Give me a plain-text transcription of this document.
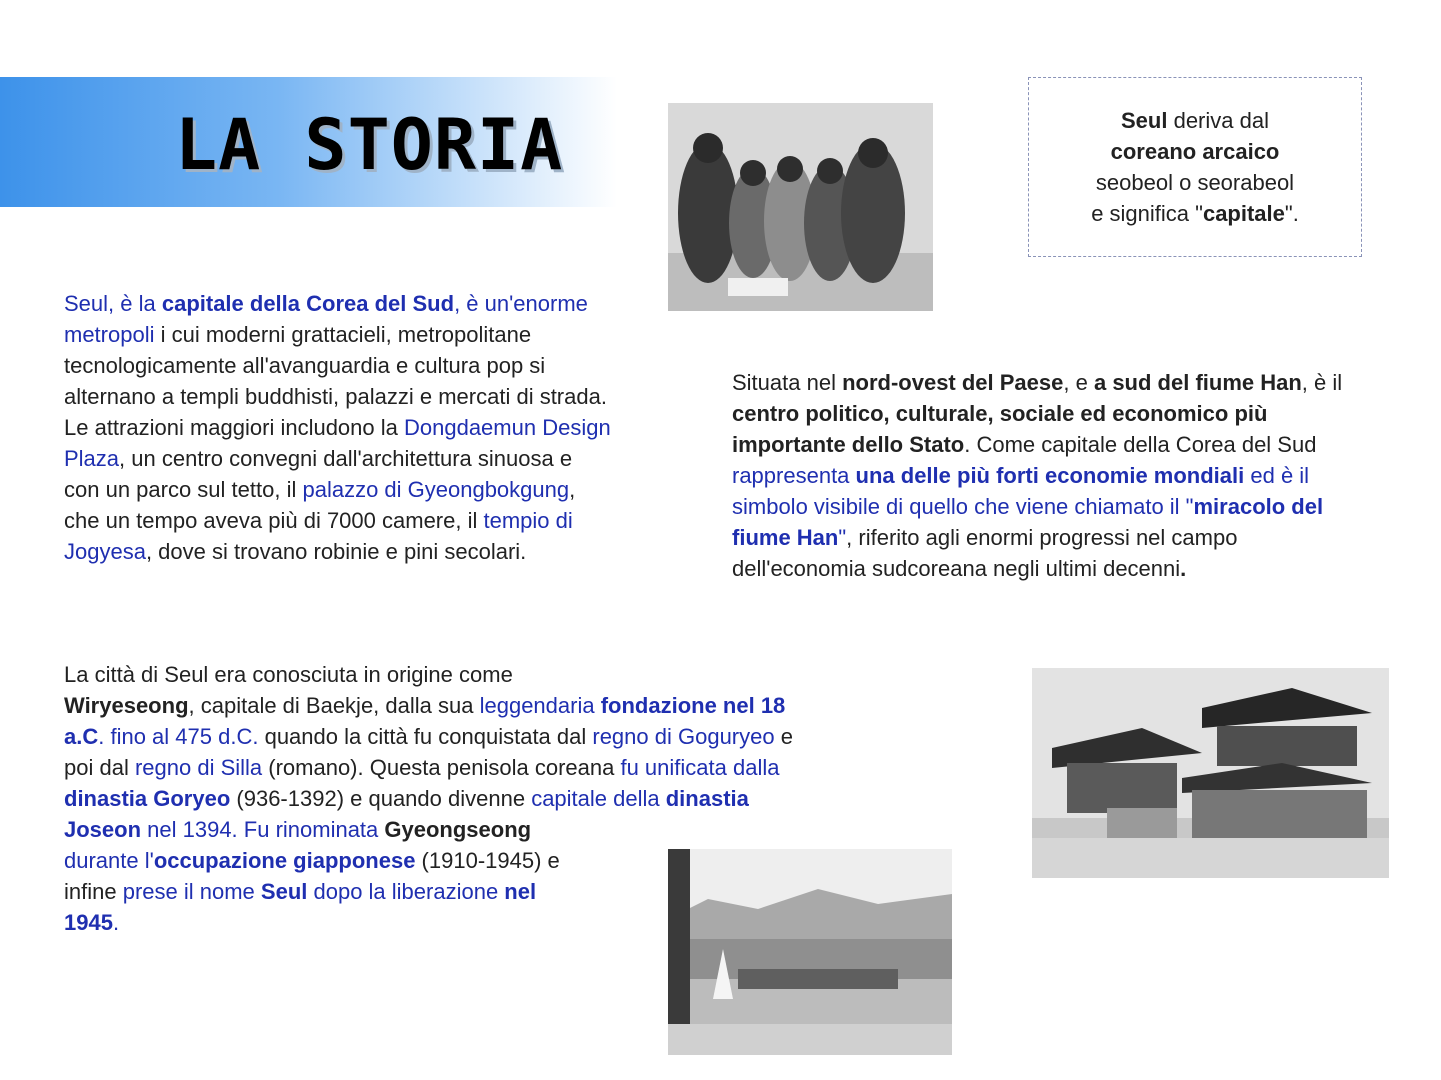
LA STORIA	Seul deriva dal
coreano arcaico
seobeol o seorabeol
e significa "capitale".

Seul, è la capitale della Corea del Sud, è un'enorme
metropoli i cui moderni grattacieli, metropolitane tecnologicamente all'avanguardia e cultura pop si alternano a templi buddhisti, palazzi e mercati di strada. Le attrazioni maggiori includono la Dongdaemun Design Plaza, un centro convegni dall'architettura sinuosa e con un parco sul tetto, il palazzo di Gyeongbokgung, che un tempo aveva più di 7000 camere, il tempio di Jogyesa, dove si trovano robinie e pini secolari.

Situata nel nord-ovest del Paese, e a sud del fiume Han, è il centro politico, culturale, sociale ed economico più importante dello Stato. Come capitale della Corea del Sud rappresenta una delle più forti economie mondiali ed è il simbolo visibile di quello che viene chiamato il "miracolo del fiume Han", riferito agli enormi progressi nel campo dell'economia sudcoreana negli ultimi decenni.

La città di Seul era conosciuta in origine come
Wiryeseong, capitale di Baekje, dalla sua leggendaria fondazione nel 18
a.C. fino al 475 d.C. quando la città fu conquistata dal regno di Goguryeo e
poi dal regno di Silla (romano). Questa penisola coreana fu unificata dalla
dinastia Goryeo (936-1392) e quando divenne capitale della dinastia
Joseon nel 1394. Fu rinominata Gyeongseong
durante l'occupazione giapponese (1910-1945) e
infine prese il nome Seul dopo la liberazione nel
1945.
